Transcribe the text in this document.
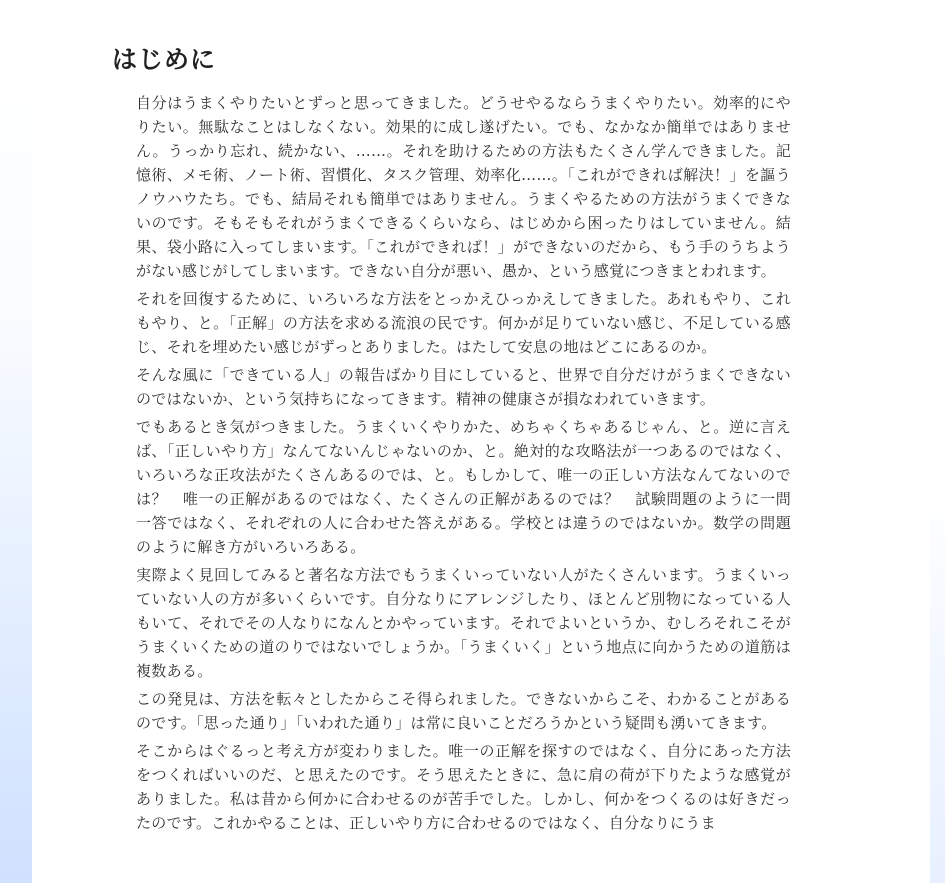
はじめに

自分はうまくやりたいとずっと思ってきました。どうせやるならうまくやりたい。効率的にやりたい。無駄なことはしなくない。効果的に成し遂げたい。でも、なかなか簡単ではありません。うっかり忘れ、続かない、……。それを助けるための方法もたくさん学んできました。記憶術、メモ術、ノート術、習慣化、タスク管理、効率化……。「これができれば解決！」を謳うノウハウたち。でも、結局それも簡単ではありません。うまくやるための方法がうまくできないのです。そもそもそれがうまくできるくらいなら、はじめから困ったりはしていません。結果、袋小路に入ってしまいます。「これができれば！」ができないのだから、もう手のうちようがない感じがしてしまいます。できない自分が悪い、愚か、という感覚につきまとわれます。

それを回復するために、いろいろな方法をとっかえひっかえしてきました。あれもやり、これもやり、と。「正解」の方法を求める流浪の民です。何かが足りていない感じ、不足している感じ、それを埋めたい感じがずっとありました。はたして安息の地はどこにあるのか。

そんな風に「できている人」の報告ばかり目にしていると、世界で自分だけがうまくできないのではないか、という気持ちになってきます。精神の健康さが損なわれていきます。

でもあるとき気がつきました。うまくいくやりかた、めちゃくちゃあるじゃん、と。逆に言えば、「正しいやり方」なんてないんじゃないのか、と。絶対的な攻略法が一つあるのではなく、いろいろな正攻法がたくさんあるのでは、と。もしかして、唯一の正しい方法なんてないのでは？　唯一の正解があるのではなく、たくさんの正解があるのでは？　試験問題のように一問一答ではなく、それぞれの人に合わせた答えがある。学校とは違うのではないか。数学の問題のように解き方がいろいろある。

実際よく見回してみると著名な方法でもうまくいっていない人がたくさんいます。うまくいっていない人の方が多いくらいです。自分なりにアレンジしたり、ほとんど別物になっている人もいて、それでその人なりになんとかやっています。それでよいというか、むしろそれこそがうまくいくための道のりではないでしょうか。「うまくいく」という地点に向かうための道筋は複数ある。

この発見は、方法を転々としたからこそ得られました。できないからこそ、わかることがあるのです。「思った通り」「いわれた通り」は常に良いことだろうかという疑問も湧いてきます。

そこからはぐるっと考え方が変わりました。唯一の正解を探すのではなく、自分にあった方法をつくればいいのだ、と思えたのです。そう思えたときに、急に肩の荷が下りたような感覚がありました。私は昔から何かに合わせるのが苦手でした。しかし、何かをつくるのは好きだったのです。これかやることは、正しいやり方に合わせるのではなく、自分なりにうま
